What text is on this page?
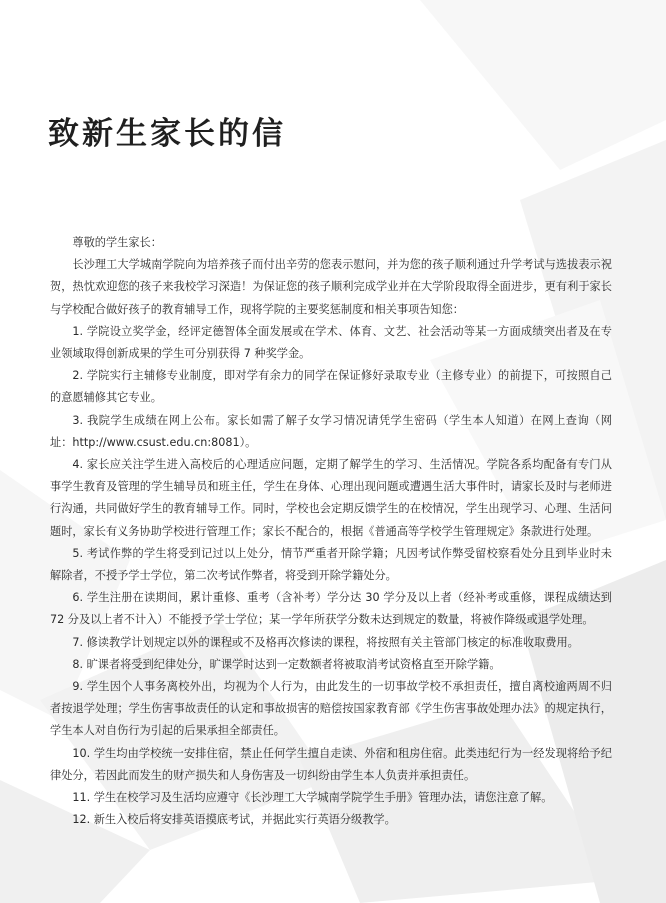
致新生家长的信

尊敬的学生家长：

长沙理工大学城南学院向为培养孩子而付出辛劳的您表示慰问，并为您的孩子顺利通过升学考试与选拔表示祝贺，热忱欢迎您的孩子来我校学习深造！为保证您的孩子顺利完成学业并在大学阶段取得全面进步，更有利于家长与学校配合做好孩子的教育辅导工作，现将学院的主要奖惩制度和相关事项告知您：

1. 学院设立奖学金，经评定德智体全面发展或在学术、体育、文艺、社会活动等某一方面成绩突出者及在专业领域取得创新成果的学生可分别获得 7 种奖学金。

2. 学院实行主辅修专业制度，即对学有余力的同学在保证修好录取专业（主修专业）的前提下，可按照自己的意愿辅修其它专业。

3. 我院学生成绩在网上公布。家长如需了解子女学习情况请凭学生密码（学生本人知道）在网上查询（网址：http://www.csust.edu.cn:8081）。

4. 家长应关注学生进入高校后的心理适应问题，定期了解学生的学习、生活情况。学院各系均配备有专门从事学生教育及管理的学生辅导员和班主任，学生在身体、心理出现问题或遭遇生活大事件时，请家长及时与老师进行沟通，共同做好学生的教育辅导工作。同时，学校也会定期反馈学生的在校情况，学生出现学习、心理、生活问题时，家长有义务协助学校进行管理工作；家长不配合的，根据《普通高等学校学生管理规定》条款进行处理。

5. 考试作弊的学生将受到记过以上处分，情节严重者开除学籍；凡因考试作弊受留校察看处分且到毕业时未解除者，不授予学士学位，第二次考试作弊者，将受到开除学籍处分。

6. 学生注册在读期间，累计重修、重考（含补考）学分达 30 学分及以上者（经补考或重修，课程成绩达到 72 分及以上者不计入）不能授予学士学位；某一学年所获学分数未达到规定的数量，将被作降级或退学处理。

7. 修读教学计划规定以外的课程或不及格再次修读的课程，将按照有关主管部门核定的标准收取费用。

8. 旷课者将受到纪律处分，旷课学时达到一定数额者将被取消考试资格直至开除学籍。

9. 学生因个人事务离校外出，均视为个人行为，由此发生的一切事故学校不承担责任，擅自离校逾两周不归者按退学处理；学生伤害事故责任的认定和事故损害的赔偿按国家教育部《学生伤害事故处理办法》的规定执行，学生本人对自伤行为引起的后果承担全部责任。

10. 学生均由学校统一安排住宿，禁止任何学生擅自走读、外宿和租房住宿。此类违纪行为一经发现将给予纪律处分，若因此而发生的财产损失和人身伤害及一切纠纷由学生本人负责并承担责任。

11. 学生在校学习及生活均应遵守《长沙理工大学城南学院学生手册》管理办法，请您注意了解。

12. 新生入校后将安排英语摸底考试，并据此实行英语分级教学。
